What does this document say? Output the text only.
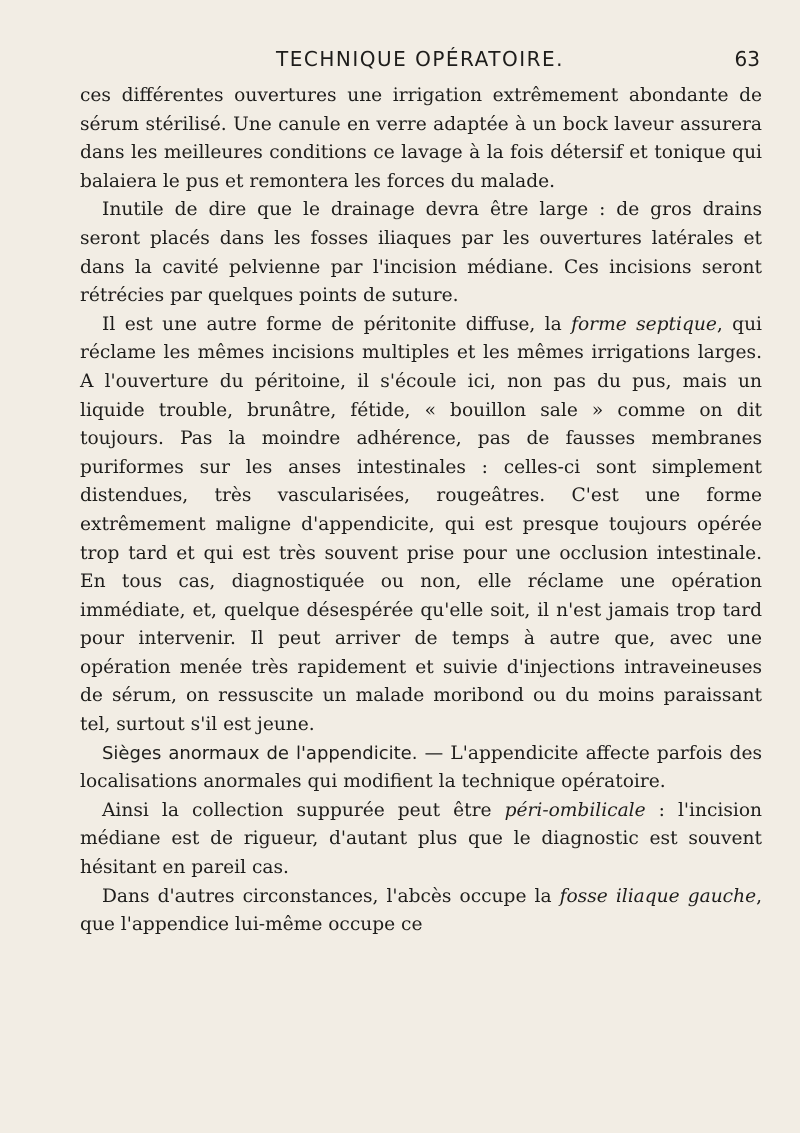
TECHNIQUE OPÉRATOIRE.	63

ces différentes ouvertures une irrigation extrêmement abondante de sérum stérilisé. Une canule en verre adaptée à un bock laveur assurera dans les meilleures conditions ce lavage à la fois détersif et tonique qui balaiera le pus et remontera les forces du malade.

Inutile de dire que le drainage devra être large : de gros drains seront placés dans les fosses iliaques par les ouvertures latérales et dans la cavité pelvienne par l'incision médiane. Ces incisions seront rétrécies par quelques points de suture.

Il est une autre forme de péritonite diffuse, la forme septique, qui réclame les mêmes incisions multiples et les mêmes irrigations larges. A l'ouverture du péritoine, il s'écoule ici, non pas du pus, mais un liquide trouble, brunâtre, fétide, « bouillon sale » comme on dit toujours. Pas la moindre adhérence, pas de fausses membranes puriformes sur les anses intestinales : celles-ci sont simplement distendues, très vascularisées, rougeâtres. C'est une forme extrêmement maligne d'appendicite, qui est presque toujours opérée trop tard et qui est très souvent prise pour une occlusion intestinale. En tous cas, diagnostiquée ou non, elle réclame une opération immédiate, et, quelque désespérée qu'elle soit, il n'est jamais trop tard pour intervenir. Il peut arriver de temps à autre que, avec une opération menée très rapidement et suivie d'injections intraveineuses de sérum, on ressuscite un malade moribond ou du moins paraissant tel, surtout s'il est jeune.

Sièges anormaux de l'appendicite. — L'appendicite affecte parfois des localisations anormales qui modifient la technique opératoire.

Ainsi la collection suppurée peut être péri-ombilicale : l'incision médiane est de rigueur, d'autant plus que le diagnostic est souvent hésitant en pareil cas.

Dans d'autres circonstances, l'abcès occupe la fosse iliaque gauche, que l'appendice lui-même occupe ce
